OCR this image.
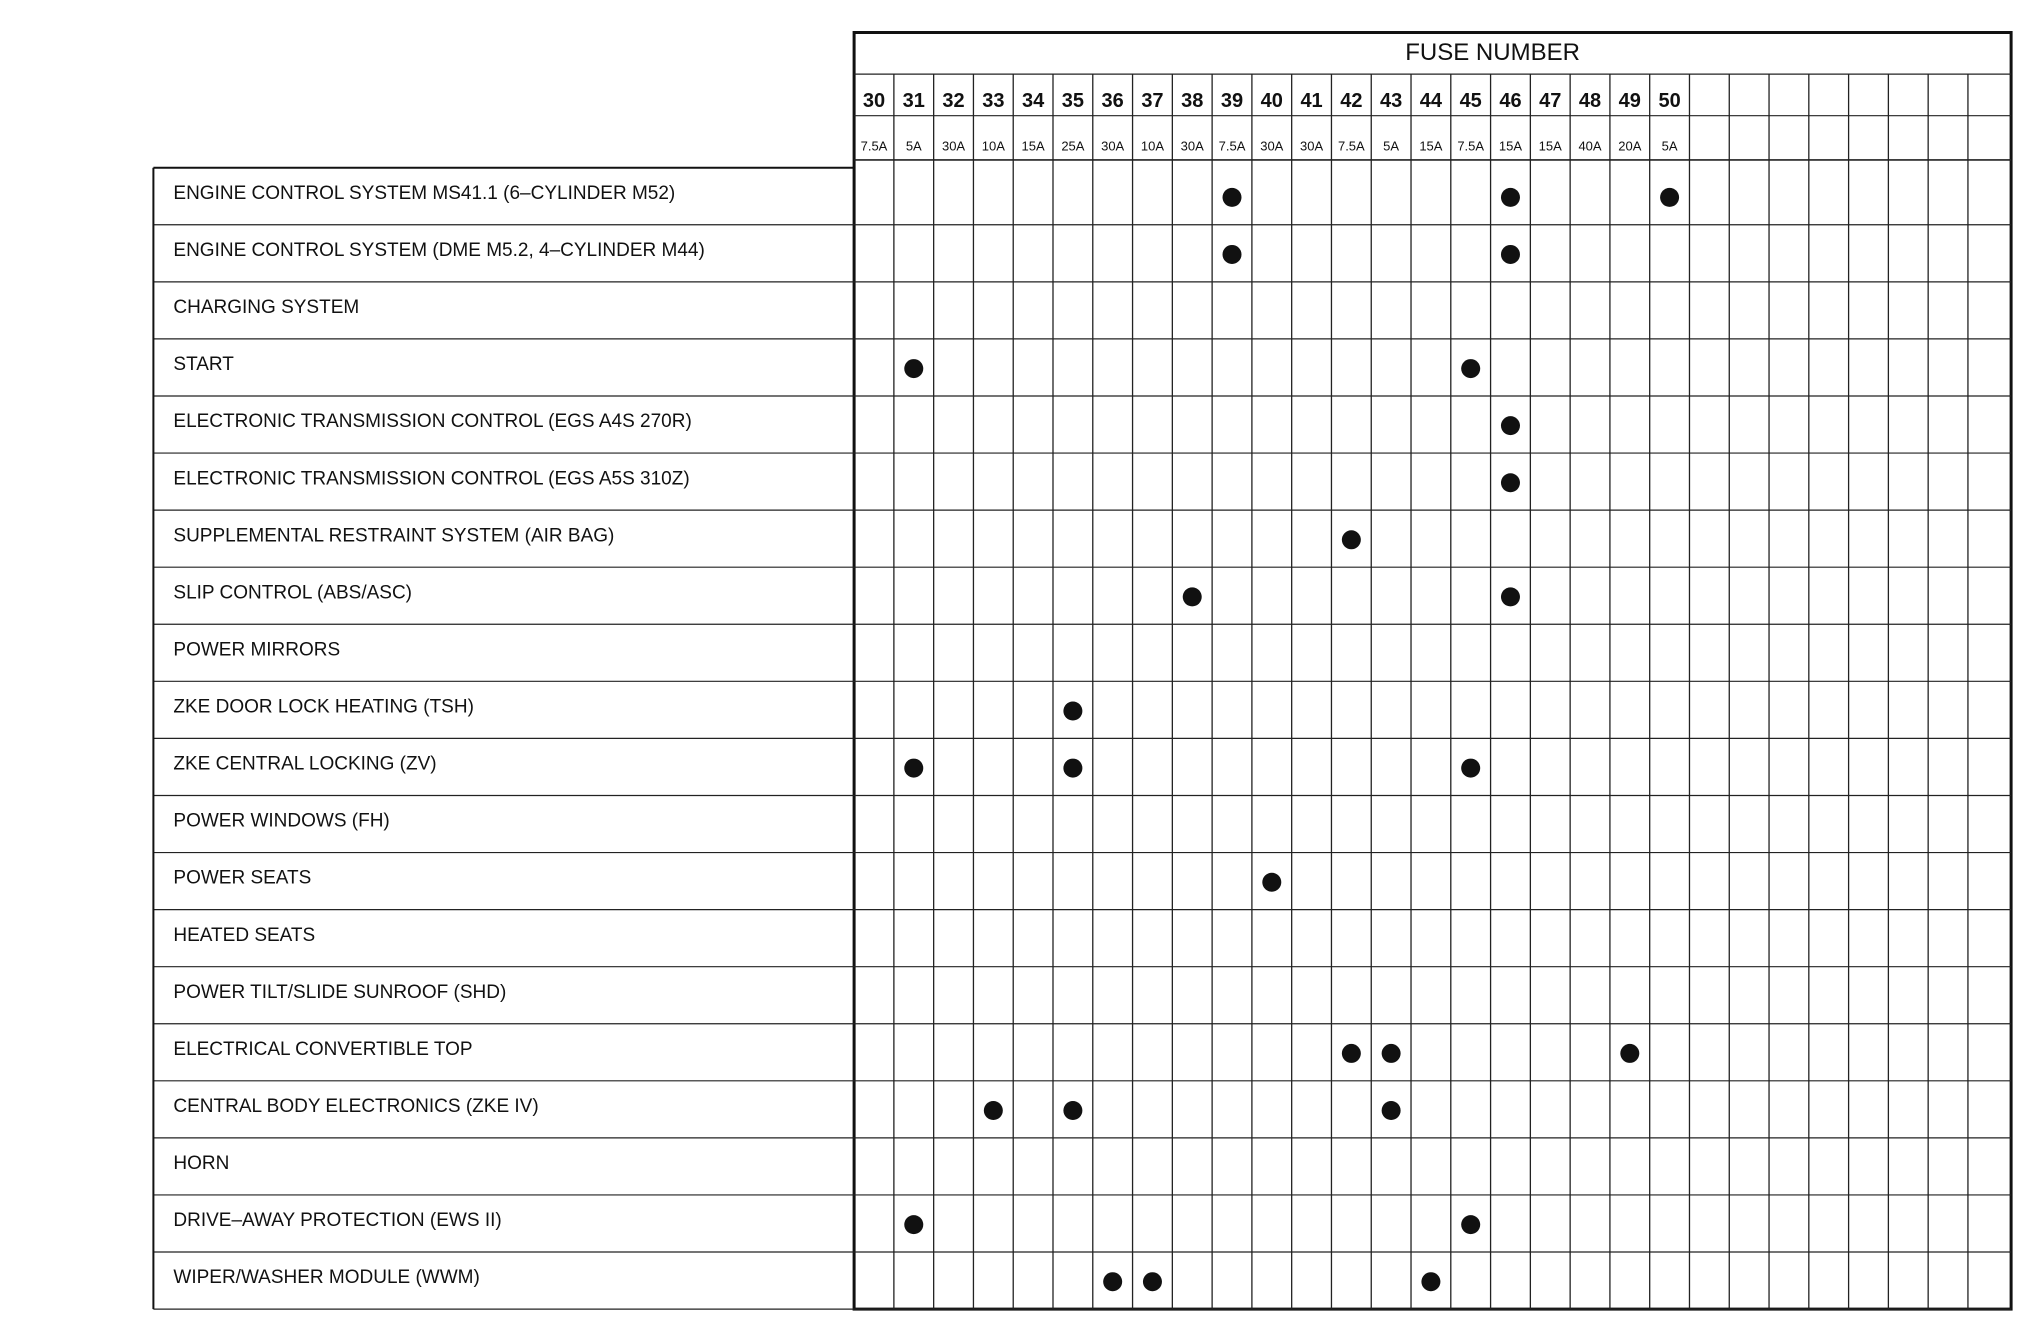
FUSE NUMBER
30
7.5A
31
5A
32
30A
33
10A
34
15A
35
25A
36
30A
37
10A
38
30A
39
7.5A
40
30A
41
30A
42
7.5A
43
5A
44
15A
45
7.5A
46
15A
47
15A
48
40A
49
20A
50
5A
ENGINE CONTROL SYSTEM MS41.1 (6–CYLINDER M52)
ENGINE CONTROL SYSTEM (DME M5.2, 4–CYLINDER M44)
CHARGING SYSTEM
START
ELECTRONIC TRANSMISSION CONTROL (EGS A4S 270R)
ELECTRONIC TRANSMISSION CONTROL (EGS A5S 310Z)
SUPPLEMENTAL RESTRAINT SYSTEM (AIR BAG)
SLIP CONTROL (ABS/ASC)
POWER MIRRORS
ZKE DOOR LOCK HEATING (TSH)
ZKE CENTRAL LOCKING (ZV)
POWER WINDOWS (FH)
POWER SEATS
HEATED SEATS
POWER TILT/SLIDE SUNROOF (SHD)
ELECTRICAL CONVERTIBLE TOP
CENTRAL BODY ELECTRONICS (ZKE IV)
HORN
DRIVE–AWAY PROTECTION (EWS II)
WIPER/WASHER MODULE (WWM)
